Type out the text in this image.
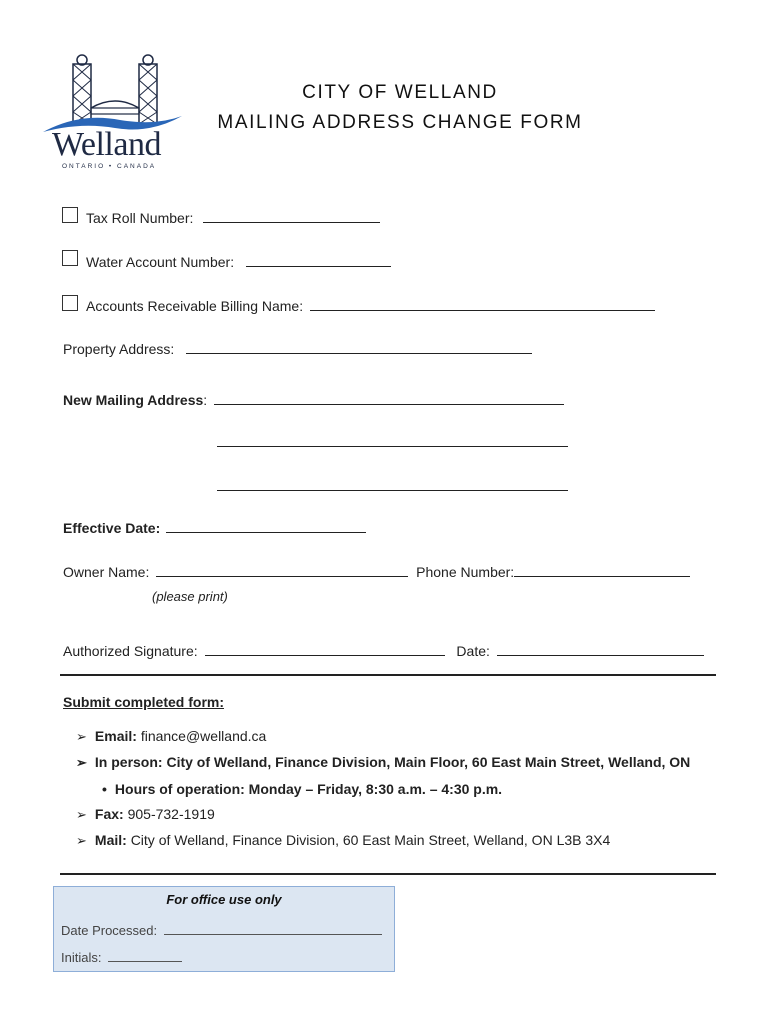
Welland
ONTARIO • CANADA
CITY OF WELLAND
MAILING ADDRESS CHANGE FORM
Tax Roll Number:
Water Account Number:
Accounts Receivable Billing Name:
Property Address:
New Mailing Address:
Effective Date:
Owner Name:	Phone Number:
(please print)
Authorized Signature:	Date:
Submit completed form:
➢ Email: finance@welland.ca
➢ In person: City of Welland, Finance Division, Main Floor, 60 East Main Street, Welland, ON
• Hours of operation: Monday – Friday, 8:30 a.m. – 4:30 p.m.
➢ Fax: 905-732-1919
➢ Mail: City of Welland, Finance Division, 60 East Main Street, Welland, ON L3B 3X4
For office use only
Date Processed:
Initials:
